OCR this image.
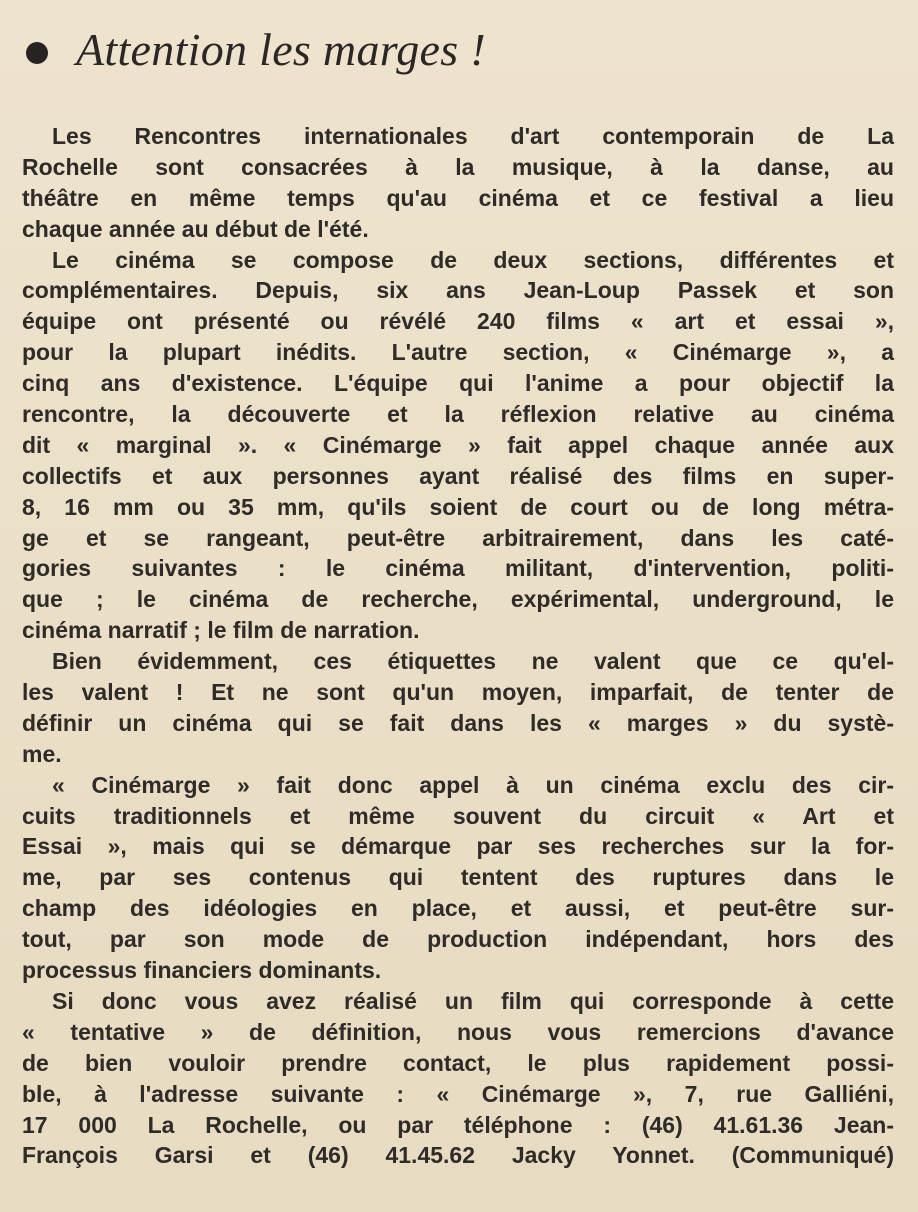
Attention les marges !
Les Rencontres internationales d'art contemporain de La
Rochelle sont consacrées à la musique, à la danse, au
théâtre en même temps qu'au cinéma et ce festival a lieu
chaque année au début de l'été.
Le cinéma se compose de deux sections, différentes et
complémentaires. Depuis, six ans Jean-Loup Passek et son
équipe ont présenté ou révélé 240 films « art et essai »,
pour la plupart inédits. L'autre section, « Cinémarge », a
cinq ans d'existence. L'équipe qui l'anime a pour objectif la
rencontre, la découverte et la réflexion relative au cinéma
dit « marginal ». « Cinémarge » fait appel chaque année aux
collectifs et aux personnes ayant réalisé des films en super-
8, 16 mm ou 35 mm, qu'ils soient de court ou de long métra-
ge et se rangeant, peut-être arbitrairement, dans les caté-
gories suivantes : le cinéma militant, d'intervention, politi-
que ; le cinéma de recherche, expérimental, underground, le
cinéma narratif ; le film de narration.
Bien évidemment, ces étiquettes ne valent que ce qu'el-
les valent ! Et ne sont qu'un moyen, imparfait, de tenter de
définir un cinéma qui se fait dans les « marges » du systè-
me.
« Cinémarge » fait donc appel à un cinéma exclu des cir-
cuits traditionnels et même souvent du circuit « Art et
Essai », mais qui se démarque par ses recherches sur la for-
me, par ses contenus qui tentent des ruptures dans le
champ des idéologies en place, et aussi, et peut-être sur-
tout, par son mode de production indépendant, hors des
processus financiers dominants.
Si donc vous avez réalisé un film qui corresponde à cette
« tentative » de définition, nous vous remercions d'avance
de bien vouloir prendre contact, le plus rapidement possi-
ble, à l'adresse suivante : « Cinémarge », 7, rue Galliéni,
17 000 La Rochelle, ou par téléphone : (46) 41.61.36 Jean-
François Garsi et (46) 41.45.62 Jacky Yonnet. (Communiqué)
